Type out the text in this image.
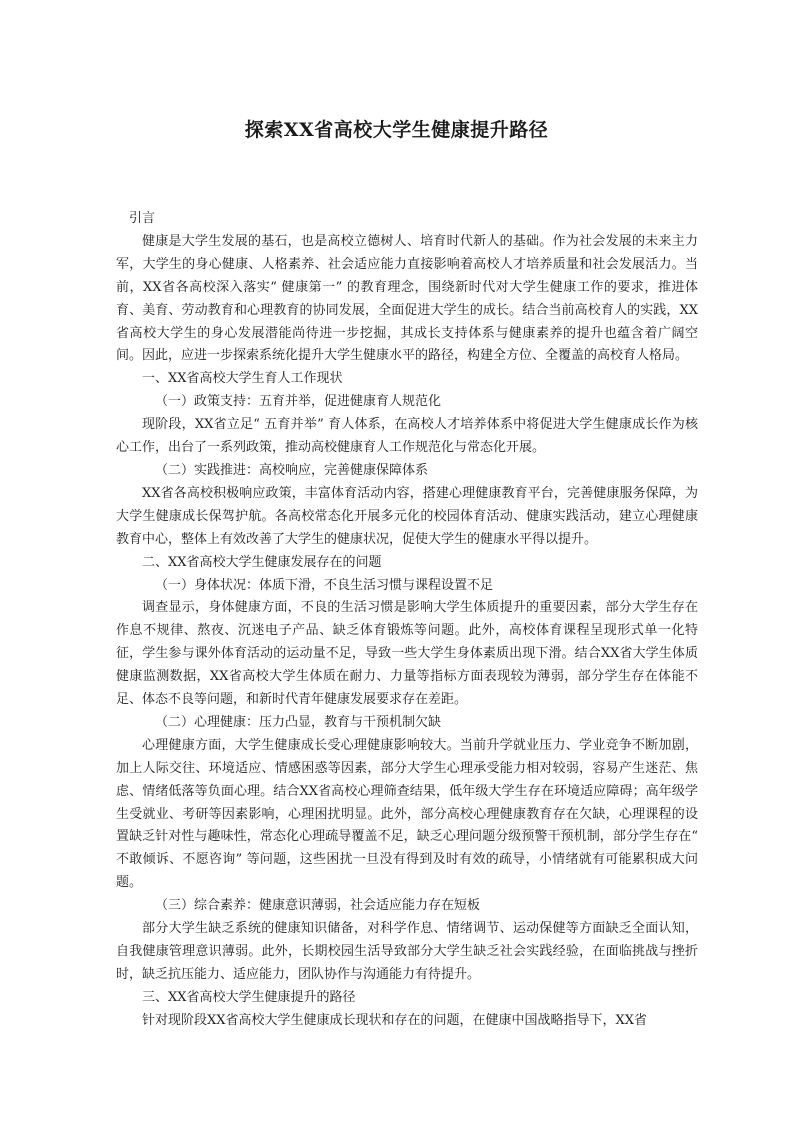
探索XX省高校大学生健康提升路径

引言

健康是大学生发展的基石，也是高校立德树人、培育时代新人的基础。作为社会发展的未来主力军，大学生的身心健康、人格素养、社会适应能力直接影响着高校人才培养质量和社会发展活力。当前，XX省各高校深入落实“ 健康第一” 的教育理念，围绕新时代对大学生健康工作的要求，推进体育、美育、劳动教育和心理教育的协同发展，全面促进大学生的成长。结合当前高校育人的实践，XX省高校大学生的身心发展潜能尚待进一步挖掘，其成长支持体系与健康素养的提升也蕴含着广阔空间。因此，应进一步探索系统化提升大学生健康水平的路径，构建全方位、全覆盖的高校育人格局。

一、XX省高校大学生育人工作现状

（一）政策支持：五育并举，促进健康育人规范化

现阶段，XX省立足“ 五育并举” 育人体系，在高校人才培养体系中将促进大学生健康成长作为核心工作，出台了一系列政策，推动高校健康育人工作规范化与常态化开展。

（二）实践推进：高校响应，完善健康保障体系

XX省各高校积极响应政策，丰富体育活动内容，搭建心理健康教育平台，完善健康服务保障，为大学生健康成长保驾护航。各高校常态化开展多元化的校园体育活动、健康实践活动，建立心理健康教育中心，整体上有效改善了大学生的健康状况，促使大学生的健康水平得以提升。

二、XX省高校大学生健康发展存在的问题

（一）身体状况：体质下滑，不良生活习惯与课程设置不足

调查显示，身体健康方面，不良的生活习惯是影响大学生体质提升的重要因素，部分大学生存在作息不规律、熬夜、沉迷电子产品、缺乏体育锻炼等问题。此外，高校体育课程呈现形式单一化特征，学生参与课外体育活动的运动量不足，导致一些大学生身体素质出现下滑。结合XX省大学生体质健康监测数据，XX省高校大学生体质在耐力、力量等指标方面表现较为薄弱，部分学生存在体能不足、体态不良等问题，和新时代青年健康发展要求存在差距。

（二）心理健康：压力凸显，教育与干预机制欠缺

心理健康方面，大学生健康成长受心理健康影响较大。当前升学就业压力、学业竞争不断加剧，加上人际交往、环境适应、情感困惑等因素，部分大学生心理承受能力相对较弱，容易产生迷茫、焦虑、情绪低落等负面心理。结合XX省高校心理筛查结果，低年级大学生存在环境适应障碍；高年级学生受就业、考研等因素影响，心理困扰明显。此外，部分高校心理健康教育存在欠缺，心理课程的设置缺乏针对性与趣味性，常态化心理疏导覆盖不足，缺乏心理问题分级预警干预机制，部分学生存在“ 不敢倾诉、不愿咨询” 等问题，这些困扰一旦没有得到及时有效的疏导，小情绪就有可能累积成大问题。

（三）综合素养：健康意识薄弱，社会适应能力存在短板

部分大学生缺乏系统的健康知识储备，对科学作息、情绪调节、运动保健等方面缺乏全面认知，自我健康管理意识薄弱。此外，长期校园生活导致部分大学生缺乏社会实践经验，在面临挑战与挫折时，缺乏抗压能力、适应能力，团队协作与沟通能力有待提升。

三、XX省高校大学生健康提升的路径

针对现阶段XX省高校大学生健康成长现状和存在的问题，在健康中国战略指导下，XX省
